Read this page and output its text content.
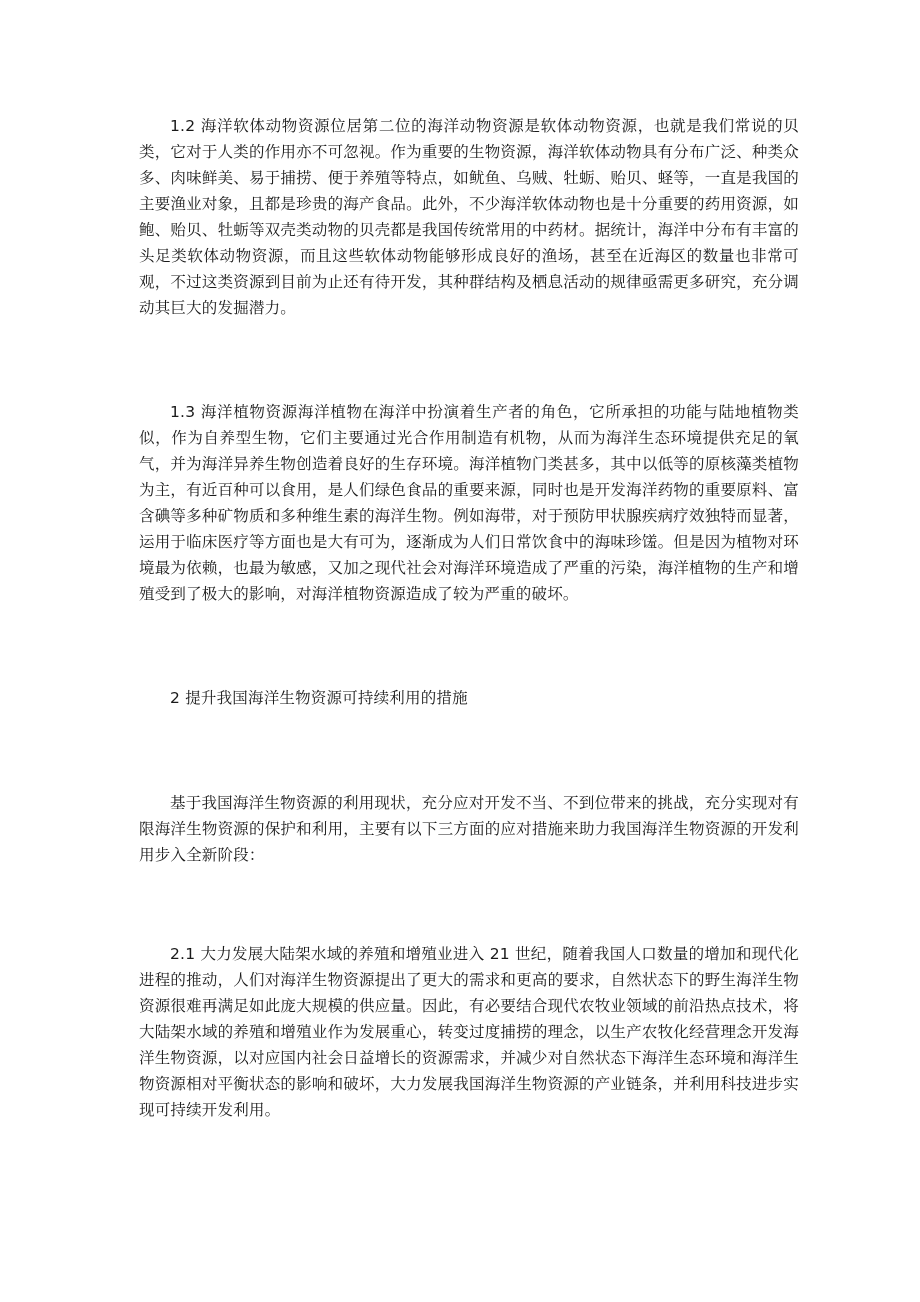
1.2 海洋软体动物资源位居第二位的海洋动物资源是软体动物资源，也就是我们常说的贝类，它对于人类的作用亦不可忽视。作为重要的生物资源，海洋软体动物具有分布广泛、种类众多、肉味鲜美、易于捕捞、便于养殖等特点，如鱿鱼、乌贼、牡蛎、贻贝、蛏等，一直是我国的主要渔业对象，且都是珍贵的海产食品。此外，不少海洋软体动物也是十分重要的药用资源，如鲍、贻贝、牡蛎等双壳类动物的贝壳都是我国传统常用的中药材。据统计，海洋中分布有丰富的头足类软体动物资源，而且这些软体动物能够形成良好的渔场，甚至在近海区的数量也非常可观，不过这类资源到目前为止还有待开发，其种群结构及栖息活动的规律亟需更多研究，充分调动其巨大的发掘潜力。

1.3 海洋植物资源海洋植物在海洋中扮演着生产者的角色，它所承担的功能与陆地植物类似，作为自养型生物，它们主要通过光合作用制造有机物，从而为海洋生态环境提供充足的氧气，并为海洋异养生物创造着良好的生存环境。海洋植物门类甚多，其中以低等的原核藻类植物为主，有近百种可以食用，是人们绿色食品的重要来源，同时也是开发海洋药物的重要原料、富含碘等多种矿物质和多种维生素的海洋生物。例如海带，对于预防甲状腺疾病疗效独特而显著，运用于临床医疗等方面也是大有可为，逐渐成为人们日常饮食中的海味珍馐。但是因为植物对环境最为依赖，也最为敏感，又加之现代社会对海洋环境造成了严重的污染，海洋植物的生产和增殖受到了极大的影响，对海洋植物资源造成了较为严重的破坏。

2 提升我国海洋生物资源可持续利用的措施

基于我国海洋生物资源的利用现状，充分应对开发不当、不到位带来的挑战，充分实现对有限海洋生物资源的保护和利用，主要有以下三方面的应对措施来助力我国海洋生物资源的开发利用步入全新阶段：

2.1 大力发展大陆架水域的养殖和增殖业进入 21 世纪，随着我国人口数量的增加和现代化进程的推动，人们对海洋生物资源提出了更大的需求和更高的要求，自然状态下的野生海洋生物资源很难再满足如此庞大规模的供应量。因此，有必要结合现代农牧业领域的前沿热点技术，将大陆架水域的养殖和增殖业作为发展重心，转变过度捕捞的理念，以生产农牧化经营理念开发海洋生物资源，以对应国内社会日益增长的资源需求，并减少对自然状态下海洋生态环境和海洋生物资源相对平衡状态的影响和破坏，大力发展我国海洋生物资源的产业链条，并利用科技进步实现可持续开发利用。
